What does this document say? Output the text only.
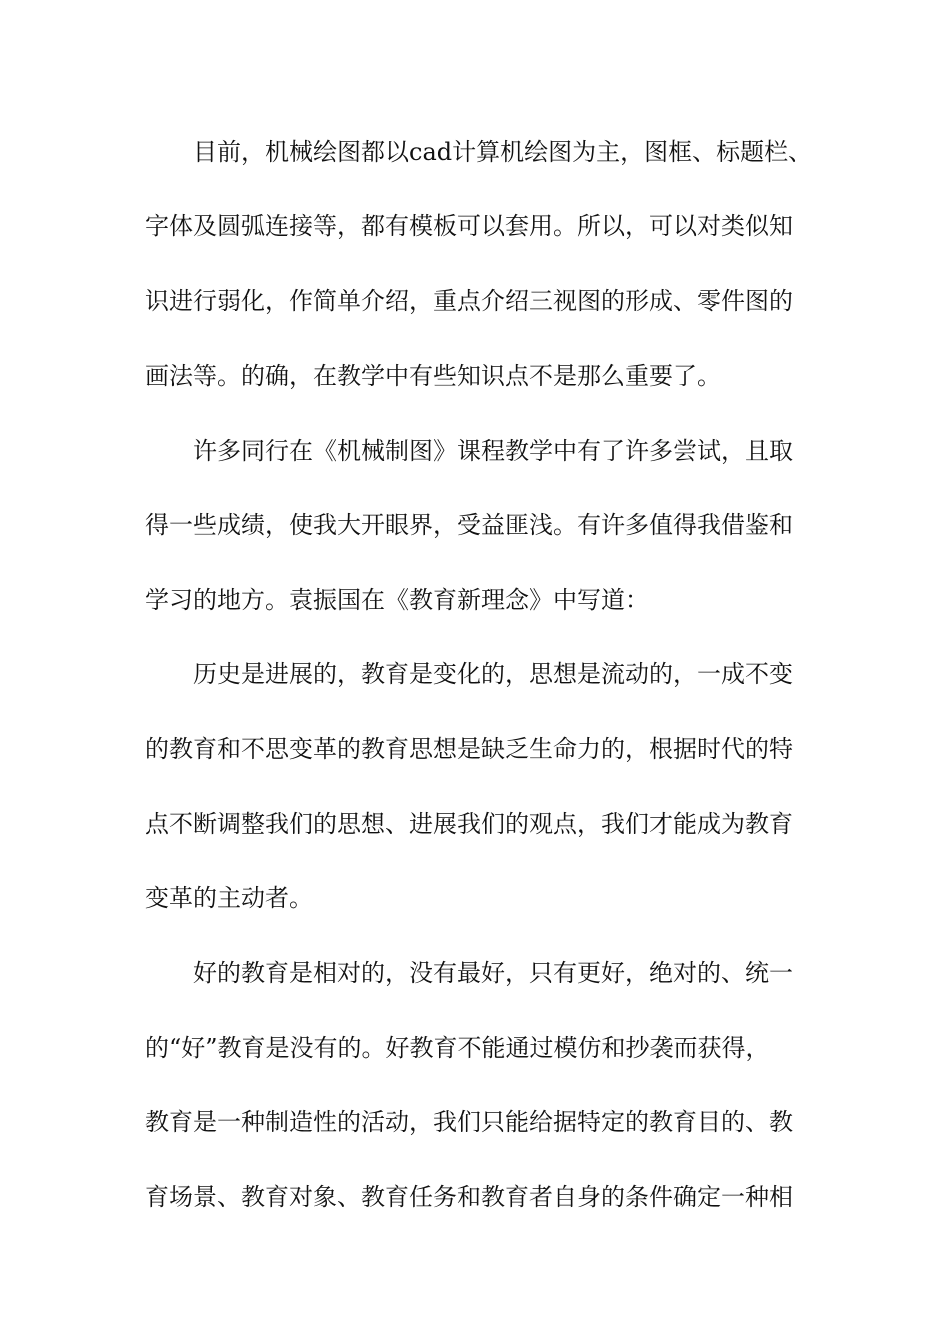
目前，机械绘图都以cad计算机绘图为主，图框、标题栏、
字体及圆弧连接等，都有模板可以套用。所以，可以对类似知
识进行弱化，作简单介绍，重点介绍三视图的形成、零件图的
画法等。的确，在教学中有些知识点不是那么重要了。
许多同行在《机械制图》课程教学中有了许多尝试，且取
得一些成绩，使我大开眼界，受益匪浅。有许多值得我借鉴和
学习的地方。袁振国在《教育新理念》中写道：
历史是进展的，教育是变化的，思想是流动的，一成不变
的教育和不思变革的教育思想是缺乏生命力的，根据时代的特
点不断调整我们的思想、进展我们的观点，我们才能成为教育
变革的主动者。
好的教育是相对的，没有最好，只有更好，绝对的、统一
的“好”教育是没有的。好教育不能通过模仿和抄袭而获得，
教育是一种制造性的活动，我们只能给据特定的教育目的、教
育场景、教育对象、教育任务和教育者自身的条件确定一种相
